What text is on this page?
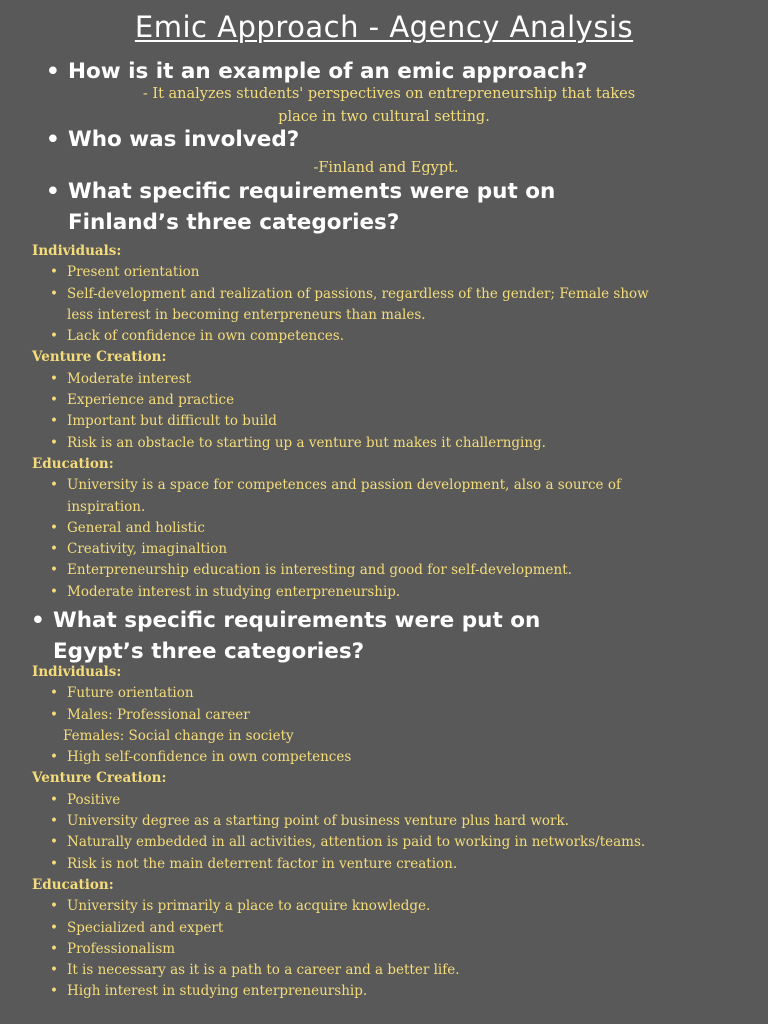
Emic Approach - Agency Analysis
• How is it an example of an emic approach?
- It analyzes students' perspectives on entrepreneurship that takes
place in two cultural setting.
• Who was involved?
-Finland and Egypt.
• What specific requirements were put on
Finland’s three categories?
Individuals:
• Present orientation
• Self-development and realization of passions, regardless of the gender; Female show
less interest in becoming enterpreneurs than males.
• Lack of confidence in own competences.
Venture Creation:
• Moderate interest
• Experience and practice
• Important but difficult to build
• Risk is an obstacle to starting up a venture but makes it challernging.
Education:
• University is a space for competences and passion development, also a source of
inspiration.
• General and holistic
• Creativity, imaginaltion
• Enterpreneurship education is interesting and good for self-development.
• Moderate interest in studying enterpreneurship.
• What specific requirements were put on
Egypt’s three categories?
Individuals:
• Future orientation
• Males: Professional career
Females: Social change in society
• High self-confidence in own competences
Venture Creation:
• Positive
• University degree as a starting point of business venture plus hard work.
• Naturally embedded in all activities, attention is paid to working in networks/teams.
• Risk is not the main deterrent factor in venture creation.
Education:
• University is primarily a place to acquire knowledge.
• Specialized and expert
• Professionalism
• It is necessary as it is a path to a career and a better life.
• High interest in studying enterpreneurship.
